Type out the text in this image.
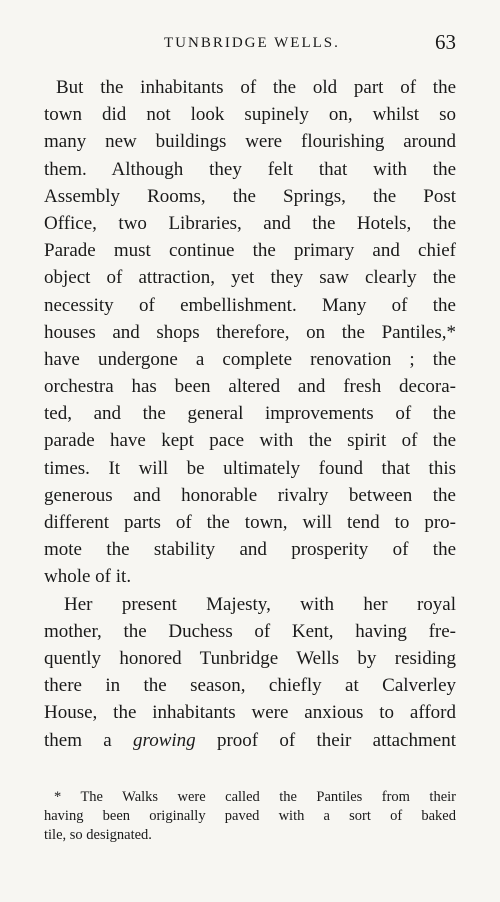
TUNBRIDGE WELLS.	63
But the inhabitants of the old part of the
town did not look supinely on, whilst so
many new buildings were flourishing around
them. Although they felt that with the
Assembly Rooms, the Springs, the Post
Office, two Libraries, and the Hotels, the
Parade must continue the primary and chief
object of attraction, yet they saw clearly the
necessity of embellishment. Many of the
houses and shops therefore, on the Pantiles,*
have undergone a complete renovation ; the
orchestra has been altered and fresh decora-
ted, and the general improvements of the
parade have kept pace with the spirit of the
times. It will be ultimately found that this
generous and honorable rivalry between the
different parts of the town, will tend to pro-
mote the stability and prosperity of the
whole of it.
Her present Majesty, with her royal
mother, the Duchess of Kent, having fre-
quently honored Tunbridge Wells by residing
there in the season, chiefly at Calverley
House, the inhabitants were anxious to afford
them a growing proof of their attachment
* The Walks were called the Pantiles from their
having been originally paved with a sort of baked
tile, so designated.
